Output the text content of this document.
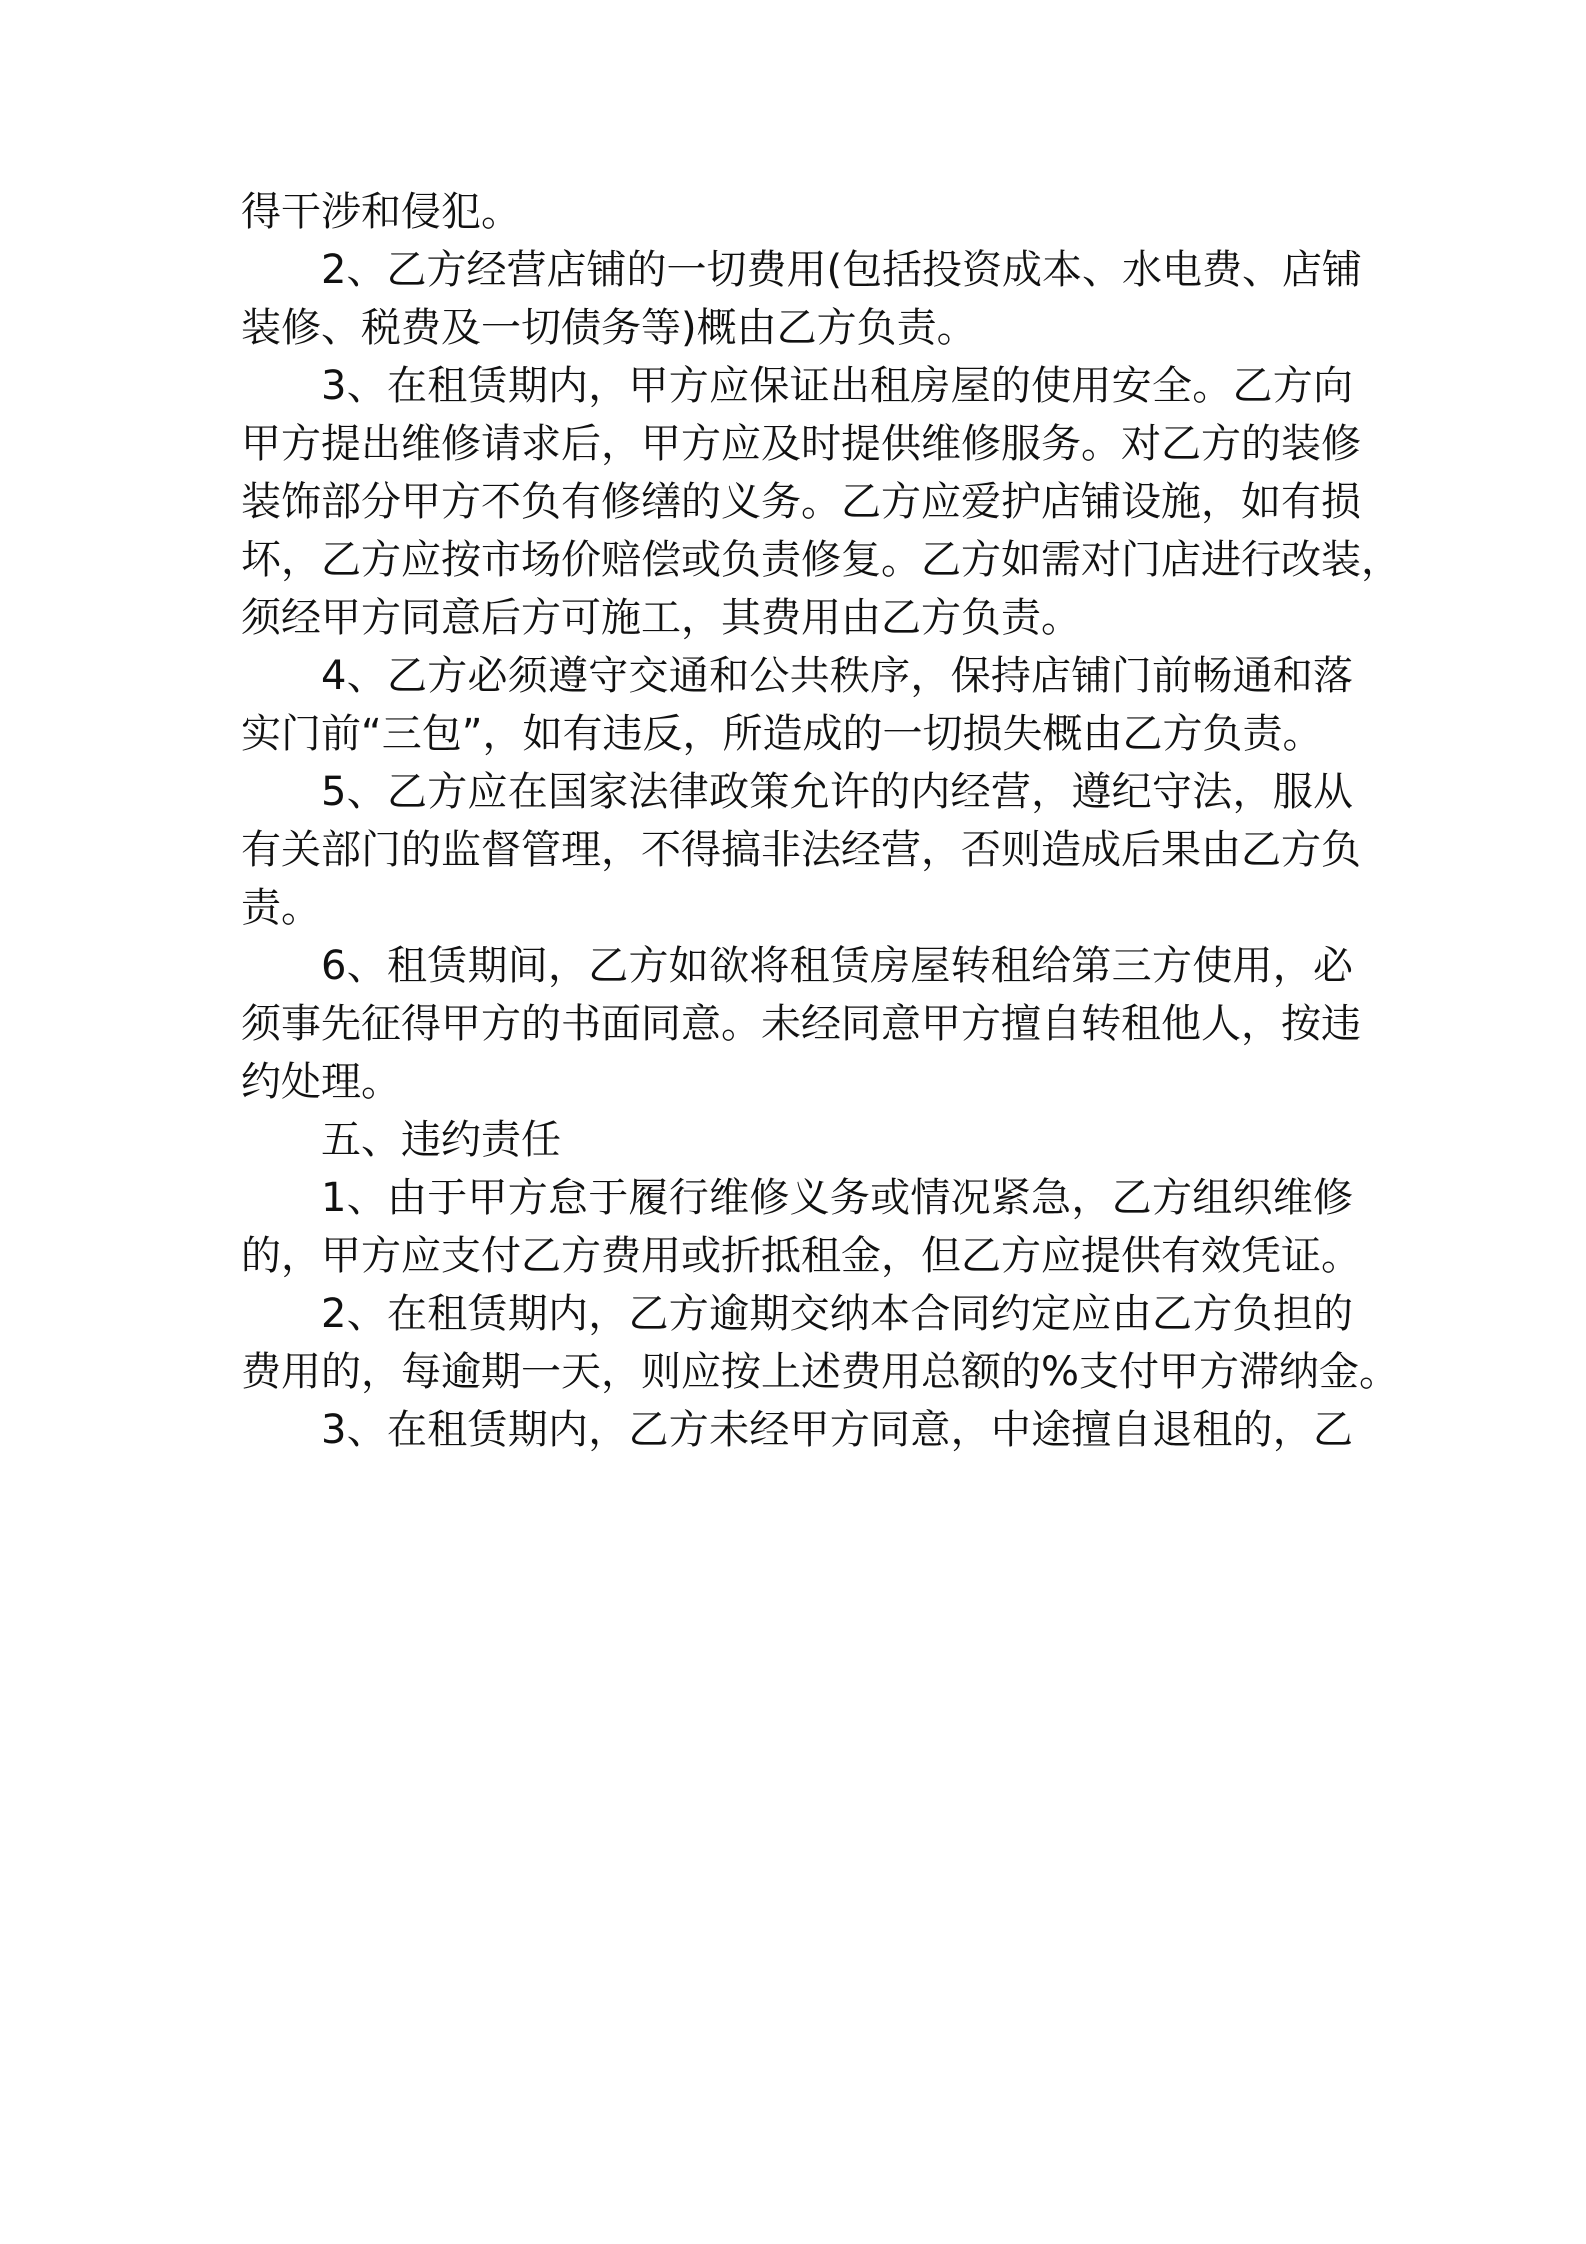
得干涉和侵犯。
2、乙方经营店铺的一切费用(包括投资成本、水电费、店铺
装修、税费及一切债务等)概由乙方负责。
3、在租赁期内，甲方应保证出租房屋的使用安全。乙方向
甲方提出维修请求后，甲方应及时提供维修服务。对乙方的装修
装饰部分甲方不负有修缮的义务。乙方应爱护店铺设施，如有损
坏，乙方应按市场价赔偿或负责修复。乙方如需对门店进行改装，
须经甲方同意后方可施工，其费用由乙方负责。
4、乙方必须遵守交通和公共秩序，保持店铺门前畅通和落
实门前“三包”，如有违反，所造成的一切损失概由乙方负责。
5、乙方应在国家法律政策允许的内经营，遵纪守法，服从
有关部门的监督管理，不得搞非法经营，否则造成后果由乙方负
责。
6、租赁期间，乙方如欲将租赁房屋转租给第三方使用，必
须事先征得甲方的书面同意。未经同意甲方擅自转租他人，按违
约处理。
五、违约责任
1、由于甲方怠于履行维修义务或情况紧急，乙方组织维修
的，甲方应支付乙方费用或折抵租金，但乙方应提供有效凭证。
2、在租赁期内，乙方逾期交纳本合同约定应由乙方负担的
费用的，每逾期一天，则应按上述费用总额的%支付甲方滞纳金。
3、在租赁期内，乙方未经甲方同意，中途擅自退租的，乙
